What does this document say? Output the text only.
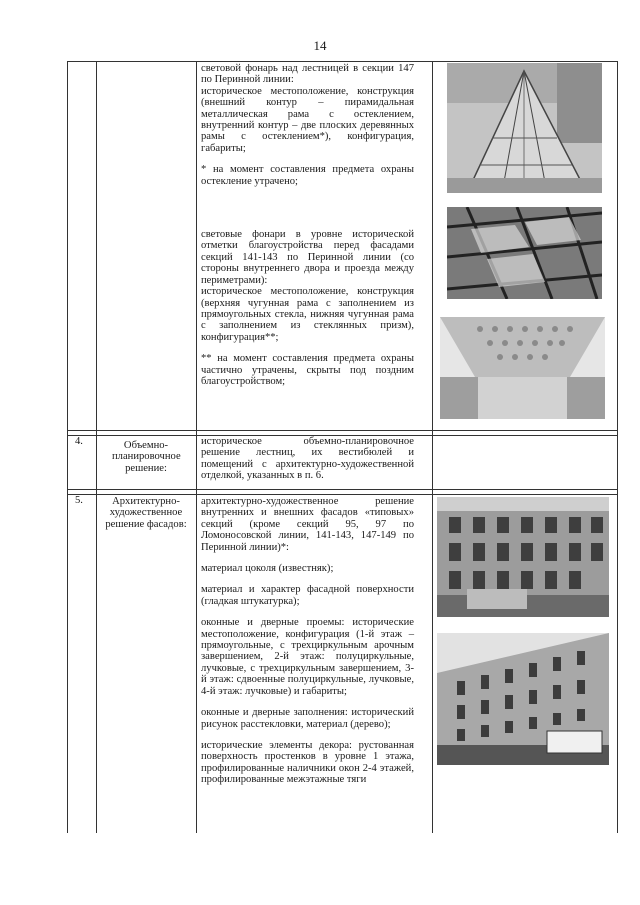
14

световой фонарь над лестницей в секции 147 по Перинной линии:

историческое местоположение, конструкция (внешний контур – пирамидальная металлическая рама с остеклением, внутренний контур – две плоских деревянных рамы с остеклением*), конфигурация, габариты;

* на момент составления предмета охраны остекление утрачено;

световые фонари в уровне исторической отметки благоустройства перед фасадами секций 141-143 по Перинной линии (со стороны внутреннего двора и проезда между периметрами):

историческое местоположение, конструкция (верхняя чугунная рама с заполнением из прямоугольных стекла, нижняя чугунная рама с заполнением из стеклянных призм), конфигурация**;

** на момент составления предмета охраны частично утрачены, скрыты под поздним благоустройством;

4.	Объемно-планировочное решение:

историческое объемно-планировочное решение лестниц, их вестибюлей и помещений с архитектурно-художественной отделкой, указанных в п. 6.

5.	Архитектурно-художественное решение фасадов:

архитектурно-художественное решение внутренних и внешних фасадов «типовых» секций (кроме секций 95, 97 по Ломоносовской линии, 141-143, 147-149 по Перинной линии)*:

материал цоколя (известняк);

материал и характер фасадной поверхности (гладкая штукатурка);

оконные и дверные проемы: исторические местоположение, конфигурация (1-й этаж – прямоугольные, с трехциркульным арочным завершением, 2-й этаж: полуциркульные, лучковые, с трехциркульным завершением, 3-й этаж: сдвоенные полуциркульные, лучковые, 4-й этаж: лучковые) и габариты;

оконные и дверные заполнения: исторический рисунок расстекловки, материал (дерево);

исторические элементы декора: рустованная поверхность простенков в уровне 1 этажа, профилированные наличники окон 2-4 этажей, профилированные межэтажные тяги
